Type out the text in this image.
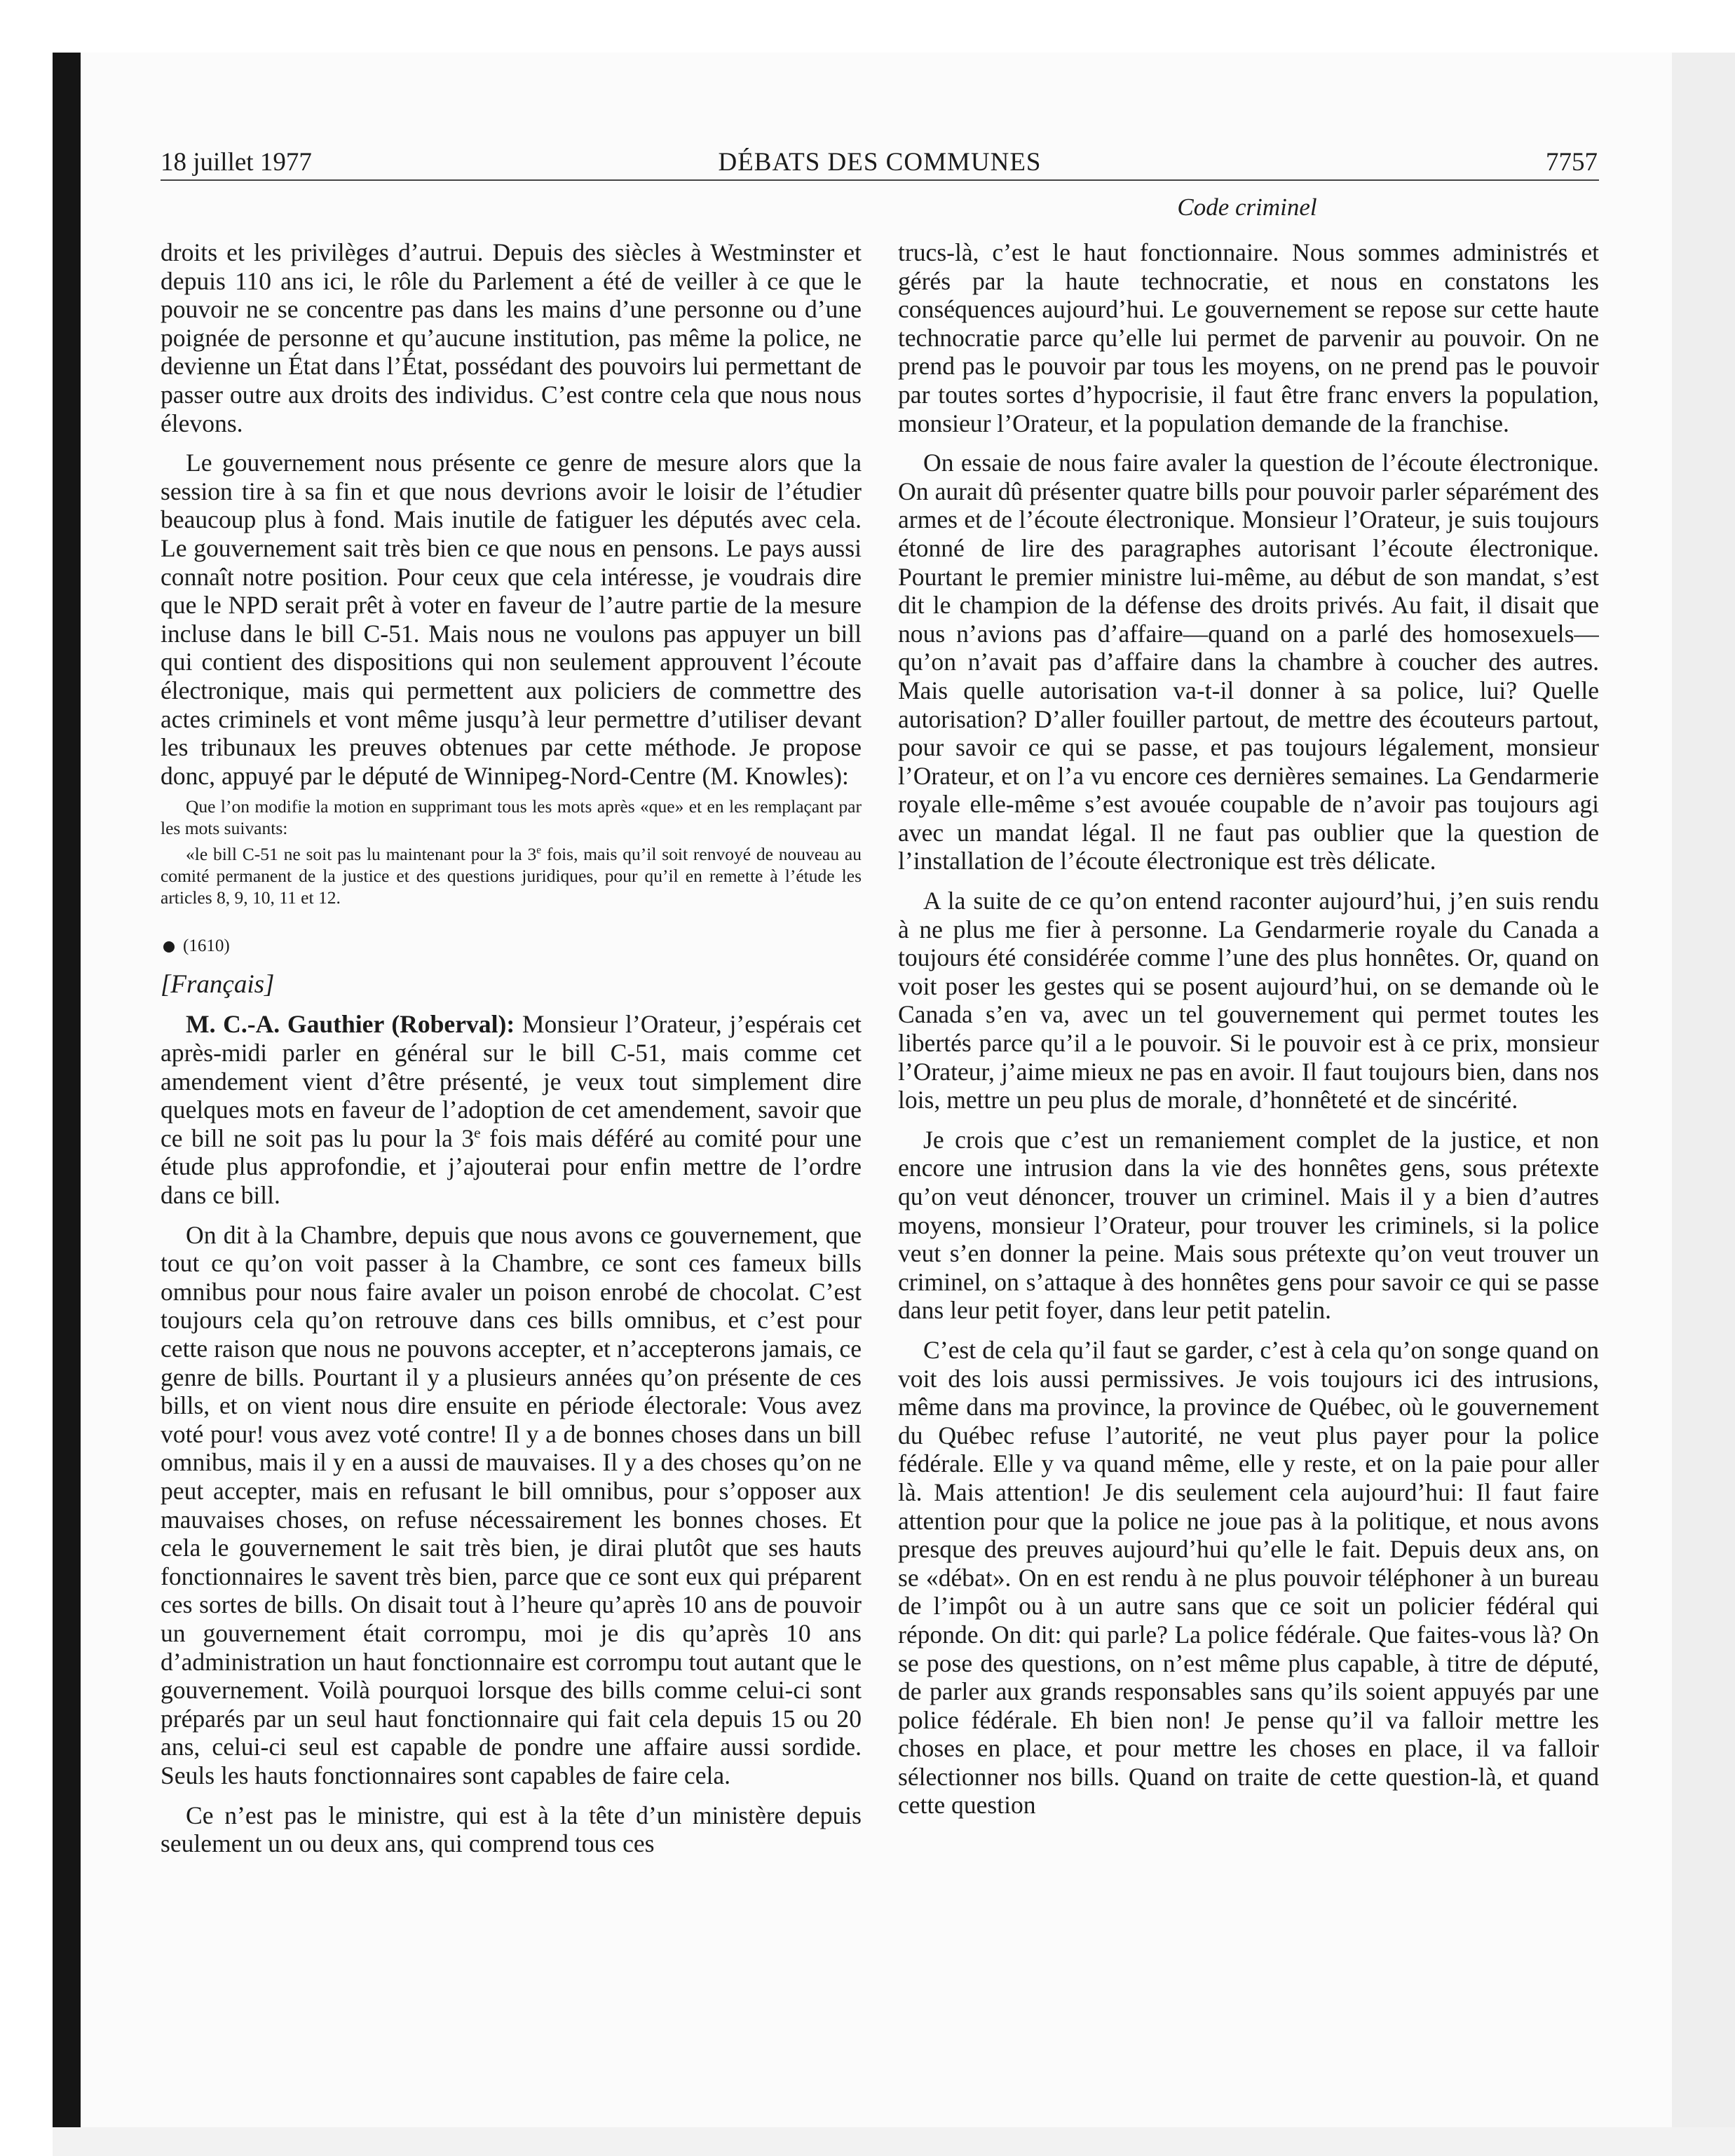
18 juillet 1977	DÉBATS DES COMMUNES	7757
Code criminel

droits et les privilèges d’autrui. Depuis des siècles à Westminster et depuis 110 ans ici, le rôle du Parlement a été de veiller à ce que le pouvoir ne se concentre pas dans les mains d’une personne ou d’une poignée de personne et qu’aucune institution, pas même la police, ne devienne un État dans l’État, possédant des pouvoirs lui permettant de passer outre aux droits des individus. C’est contre cela que nous nous élevons.

Le gouvernement nous présente ce genre de mesure alors que la session tire à sa fin et que nous devrions avoir le loisir de l’étudier beaucoup plus à fond. Mais inutile de fatiguer les députés avec cela. Le gouvernement sait très bien ce que nous en pensons. Le pays aussi connaît notre position. Pour ceux que cela intéresse, je voudrais dire que le NPD serait prêt à voter en faveur de l’autre partie de la mesure incluse dans le bill C-51. Mais nous ne voulons pas appuyer un bill qui contient des dispositions qui non seulement approuvent l’écoute électronique, mais qui permettent aux policiers de commettre des actes criminels et vont même jusqu’à leur permettre d’utiliser devant les tribunaux les preuves obtenues par cette méthode. Je propose donc, appuyé par le député de Winnipeg-Nord-Centre (M. Knowles):

Que l’on modifie la motion en supprimant tous les mots après «que» et en les remplaçant par les mots suivants:

«le bill C-51 ne soit pas lu maintenant pour la 3e fois, mais qu’il soit renvoyé de nouveau au comité permanent de la justice et des questions juridiques, pour qu’il en remette à l’étude les articles 8, 9, 10, 11 et 12.

(1610)

[Français]

M. C.-A. Gauthier (Roberval): Monsieur l’Orateur, j’espérais cet après-midi parler en général sur le bill C-51, mais comme cet amendement vient d’être présenté, je veux tout simplement dire quelques mots en faveur de l’adoption de cet amendement, savoir que ce bill ne soit pas lu pour la 3e fois mais déféré au comité pour une étude plus approfondie, et j’ajouterai pour enfin mettre de l’ordre dans ce bill.

On dit à la Chambre, depuis que nous avons ce gouvernement, que tout ce qu’on voit passer à la Chambre, ce sont ces fameux bills omnibus pour nous faire avaler un poison enrobé de chocolat. C’est toujours cela qu’on retrouve dans ces bills omnibus, et c’est pour cette raison que nous ne pouvons accepter, et n’accepterons jamais, ce genre de bills. Pourtant il y a plusieurs années qu’on présente de ces bills, et on vient nous dire ensuite en période électorale: Vous avez voté pour! vous avez voté contre! Il y a de bonnes choses dans un bill omnibus, mais il y en a aussi de mauvaises. Il y a des choses qu’on ne peut accepter, mais en refusant le bill omnibus, pour s’opposer aux mauvaises choses, on refuse nécessairement les bonnes choses. Et cela le gouvernement le sait très bien, je dirai plutôt que ses hauts fonctionnaires le savent très bien, parce que ce sont eux qui préparent ces sortes de bills. On disait tout à l’heure qu’après 10 ans de pouvoir un gouvernement était corrompu, moi je dis qu’après 10 ans d’administration un haut fonctionnaire est corrompu tout autant que le gouvernement. Voilà pourquoi lorsque des bills comme celui-ci sont préparés par un seul haut fonctionnaire qui fait cela depuis 15 ou 20 ans, celui-ci seul est capable de pondre une affaire aussi sordide. Seuls les hauts fonctionnaires sont capables de faire cela.

Ce n’est pas le ministre, qui est à la tête d’un ministère depuis seulement un ou deux ans, qui comprend tous ces

trucs-là, c’est le haut fonctionnaire. Nous sommes administrés et gérés par la haute technocratie, et nous en constatons les conséquences aujourd’hui. Le gouvernement se repose sur cette haute technocratie parce qu’elle lui permet de parvenir au pouvoir. On ne prend pas le pouvoir par tous les moyens, on ne prend pas le pouvoir par toutes sortes d’hypocrisie, il faut être franc envers la population, monsieur l’Orateur, et la population demande de la franchise.

On essaie de nous faire avaler la question de l’écoute électronique. On aurait dû présenter quatre bills pour pouvoir parler séparément des armes et de l’écoute électronique. Monsieur l’Orateur, je suis toujours étonné de lire des paragraphes autorisant l’écoute électronique. Pourtant le premier ministre lui-même, au début de son mandat, s’est dit le champion de la défense des droits privés. Au fait, il disait que nous n’avions pas d’affaire—quand on a parlé des homosexuels—qu’on n’avait pas d’affaire dans la chambre à coucher des autres. Mais quelle autorisation va-t-il donner à sa police, lui? Quelle autorisation? D’aller fouiller partout, de mettre des écouteurs partout, pour savoir ce qui se passe, et pas toujours légalement, monsieur l’Orateur, et on l’a vu encore ces dernières semaines. La Gendarmerie royale elle-même s’est avouée coupable de n’avoir pas toujours agi avec un mandat légal. Il ne faut pas oublier que la question de l’installation de l’écoute électronique est très délicate.

A la suite de ce qu’on entend raconter aujourd’hui, j’en suis rendu à ne plus me fier à personne. La Gendarmerie royale du Canada a toujours été considérée comme l’une des plus honnêtes. Or, quand on voit poser les gestes qui se posent aujourd’hui, on se demande où le Canada s’en va, avec un tel gouvernement qui permet toutes les libertés parce qu’il a le pouvoir. Si le pouvoir est à ce prix, monsieur l’Orateur, j’aime mieux ne pas en avoir. Il faut toujours bien, dans nos lois, mettre un peu plus de morale, d’honnêteté et de sincérité.

Je crois que c’est un remaniement complet de la justice, et non encore une intrusion dans la vie des honnêtes gens, sous prétexte qu’on veut dénoncer, trouver un criminel. Mais il y a bien d’autres moyens, monsieur l’Orateur, pour trouver les criminels, si la police veut s’en donner la peine. Mais sous prétexte qu’on veut trouver un criminel, on s’attaque à des honnêtes gens pour savoir ce qui se passe dans leur petit foyer, dans leur petit patelin.

C’est de cela qu’il faut se garder, c’est à cela qu’on songe quand on voit des lois aussi permissives. Je vois toujours ici des intrusions, même dans ma province, la province de Québec, où le gouvernement du Québec refuse l’autorité, ne veut plus payer pour la police fédérale. Elle y va quand même, elle y reste, et on la paie pour aller là. Mais attention! Je dis seulement cela aujourd’hui: Il faut faire attention pour que la police ne joue pas à la politique, et nous avons presque des preuves aujourd’hui qu’elle le fait. Depuis deux ans, on se «débat». On en est rendu à ne plus pouvoir téléphoner à un bureau de l’impôt ou à un autre sans que ce soit un policier fédéral qui réponde. On dit: qui parle? La police fédérale. Que faites-vous là? On se pose des questions, on n’est même plus capable, à titre de député, de parler aux grands responsables sans qu’ils soient appuyés par une police fédérale. Eh bien non! Je pense qu’il va falloir mettre les choses en place, et pour mettre les choses en place, il va falloir sélectionner nos bills. Quand on traite de cette question-là, et quand cette question
